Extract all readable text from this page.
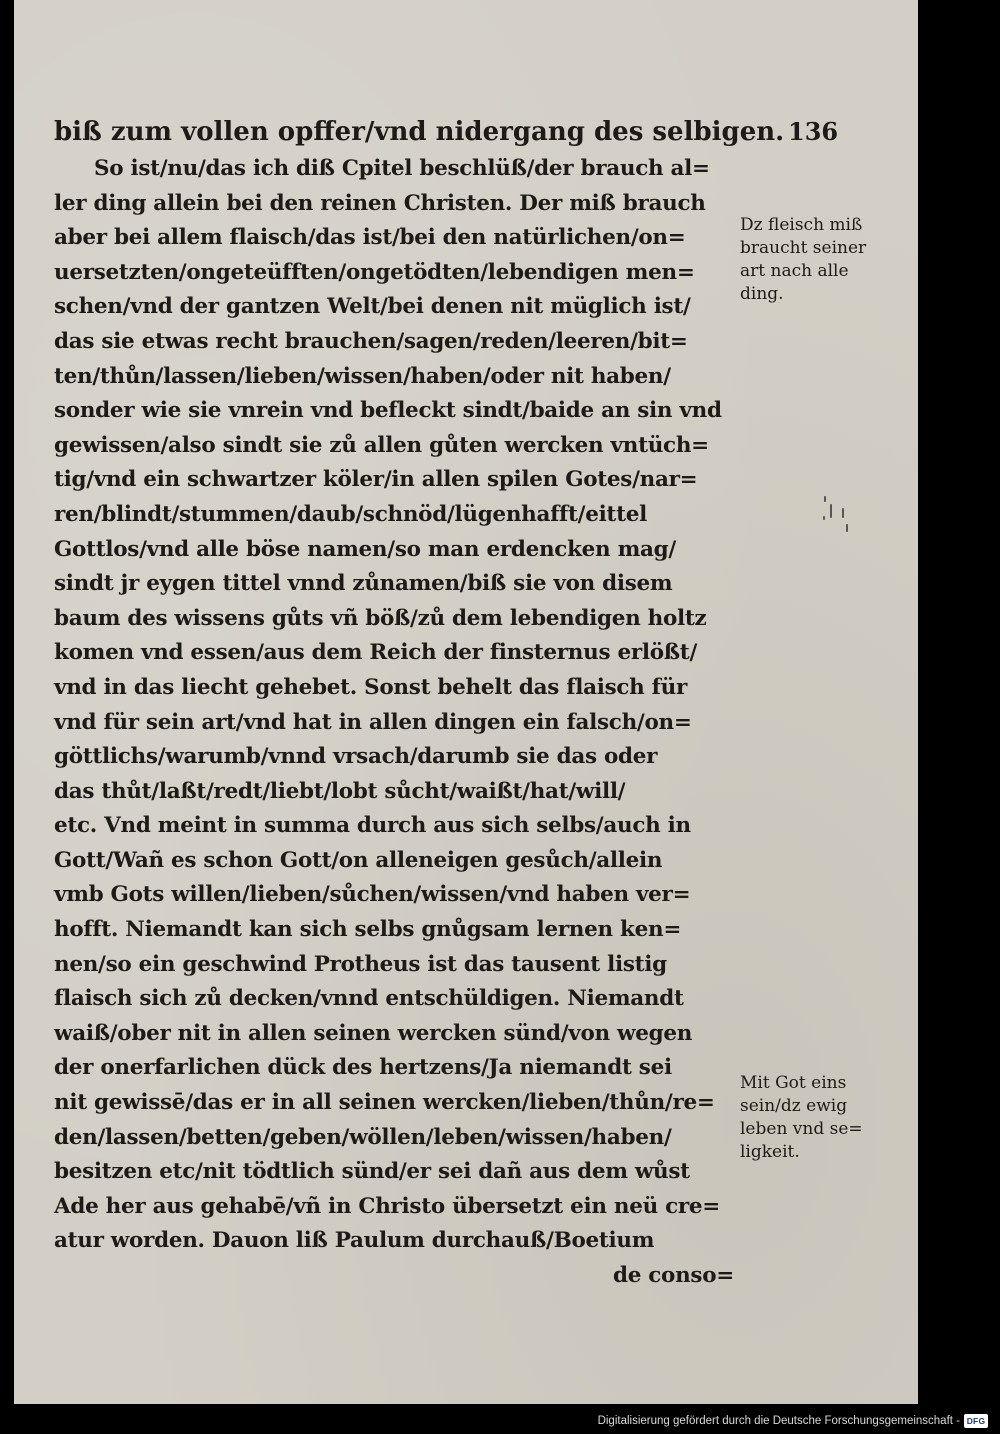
biß zum vollen opffer/vnd nidergang des selbigen. 136
So ist/nu/das ich diß Cpitel beschlüß/der brauch al=
ler ding allein bei den reinen Christen. Der miß brauch
aber bei allem flaisch/das ist/bei den natürlichen/on=
uersetzten/ongeteüfften/ongetödten/lebendigen men=
schen/vnd der gantzen Welt/bei denen nit müglich ist/
das sie etwas recht brauchen/sagen/reden/leeren/bit=
ten/thůn/lassen/lieben/wissen/haben/oder nit haben/
sonder wie sie vnrein vnd befleckt sindt/baide an sin vnd
gewissen/also sindt sie zů allen gůten wercken vntüch=
tig/vnd ein schwartzer köler/in allen spilen Gotes/nar=
ren/blindt/stummen/daub/schnöd/lügenhafft/eittel
Gottlos/vnd alle böse namen/so man erdencken mag/
sindt jr eygen tittel vnnd zůnamen/biß sie von disem
baum des wissens gůts vñ böß/zů dem lebendigen holtz
komen vnd essen/aus dem Reich der finsternus erlößt/
vnd in das liecht gehebet. Sonst behelt das flaisch für
vnd für sein art/vnd hat in allen dingen ein falsch/on=
göttlichs/warumb/vnnd vrsach/darumb sie das oder
das thůt/laßt/redt/liebt/lobt sůcht/waißt/hat/will/
etc. Vnd meint in summa durch aus sich selbs/auch in
Gott/Wañ es schon Gott/on alleneigen gesůch/allein
vmb Gots willen/lieben/sůchen/wissen/vnd haben ver=
hofft. Niemandt kan sich selbs gnůgsam lernen ken=
nen/so ein geschwind Protheus ist das tausent listig
flaisch sich zů decken/vnnd entschüldigen. Niemandt
waiß/ober nit in allen seinen wercken sünd/von wegen
der onerfarlichen dück des hertzens/Ja niemandt sei
nit gewissē/das er in all seinen wercken/lieben/thůn/re=
den/lassen/betten/geben/wöllen/leben/wissen/haben/
besitzen etc/nit tödtlich sünd/er sei dañ aus dem wůst
Ade her aus gehabē/vñ in Christo übersetzt ein neü cre=
atur worden. Dauon liß Paulum durchauß/Boetium
de conso=
Dz fleisch miß
braucht seiner
art nach alle
ding.
Mit Got eins
sein/dz ewig
leben vnd se=
ligkeit.
Digitalisierung gefördert durch die Deutsche Forschungsgemeinschaft - DFG
